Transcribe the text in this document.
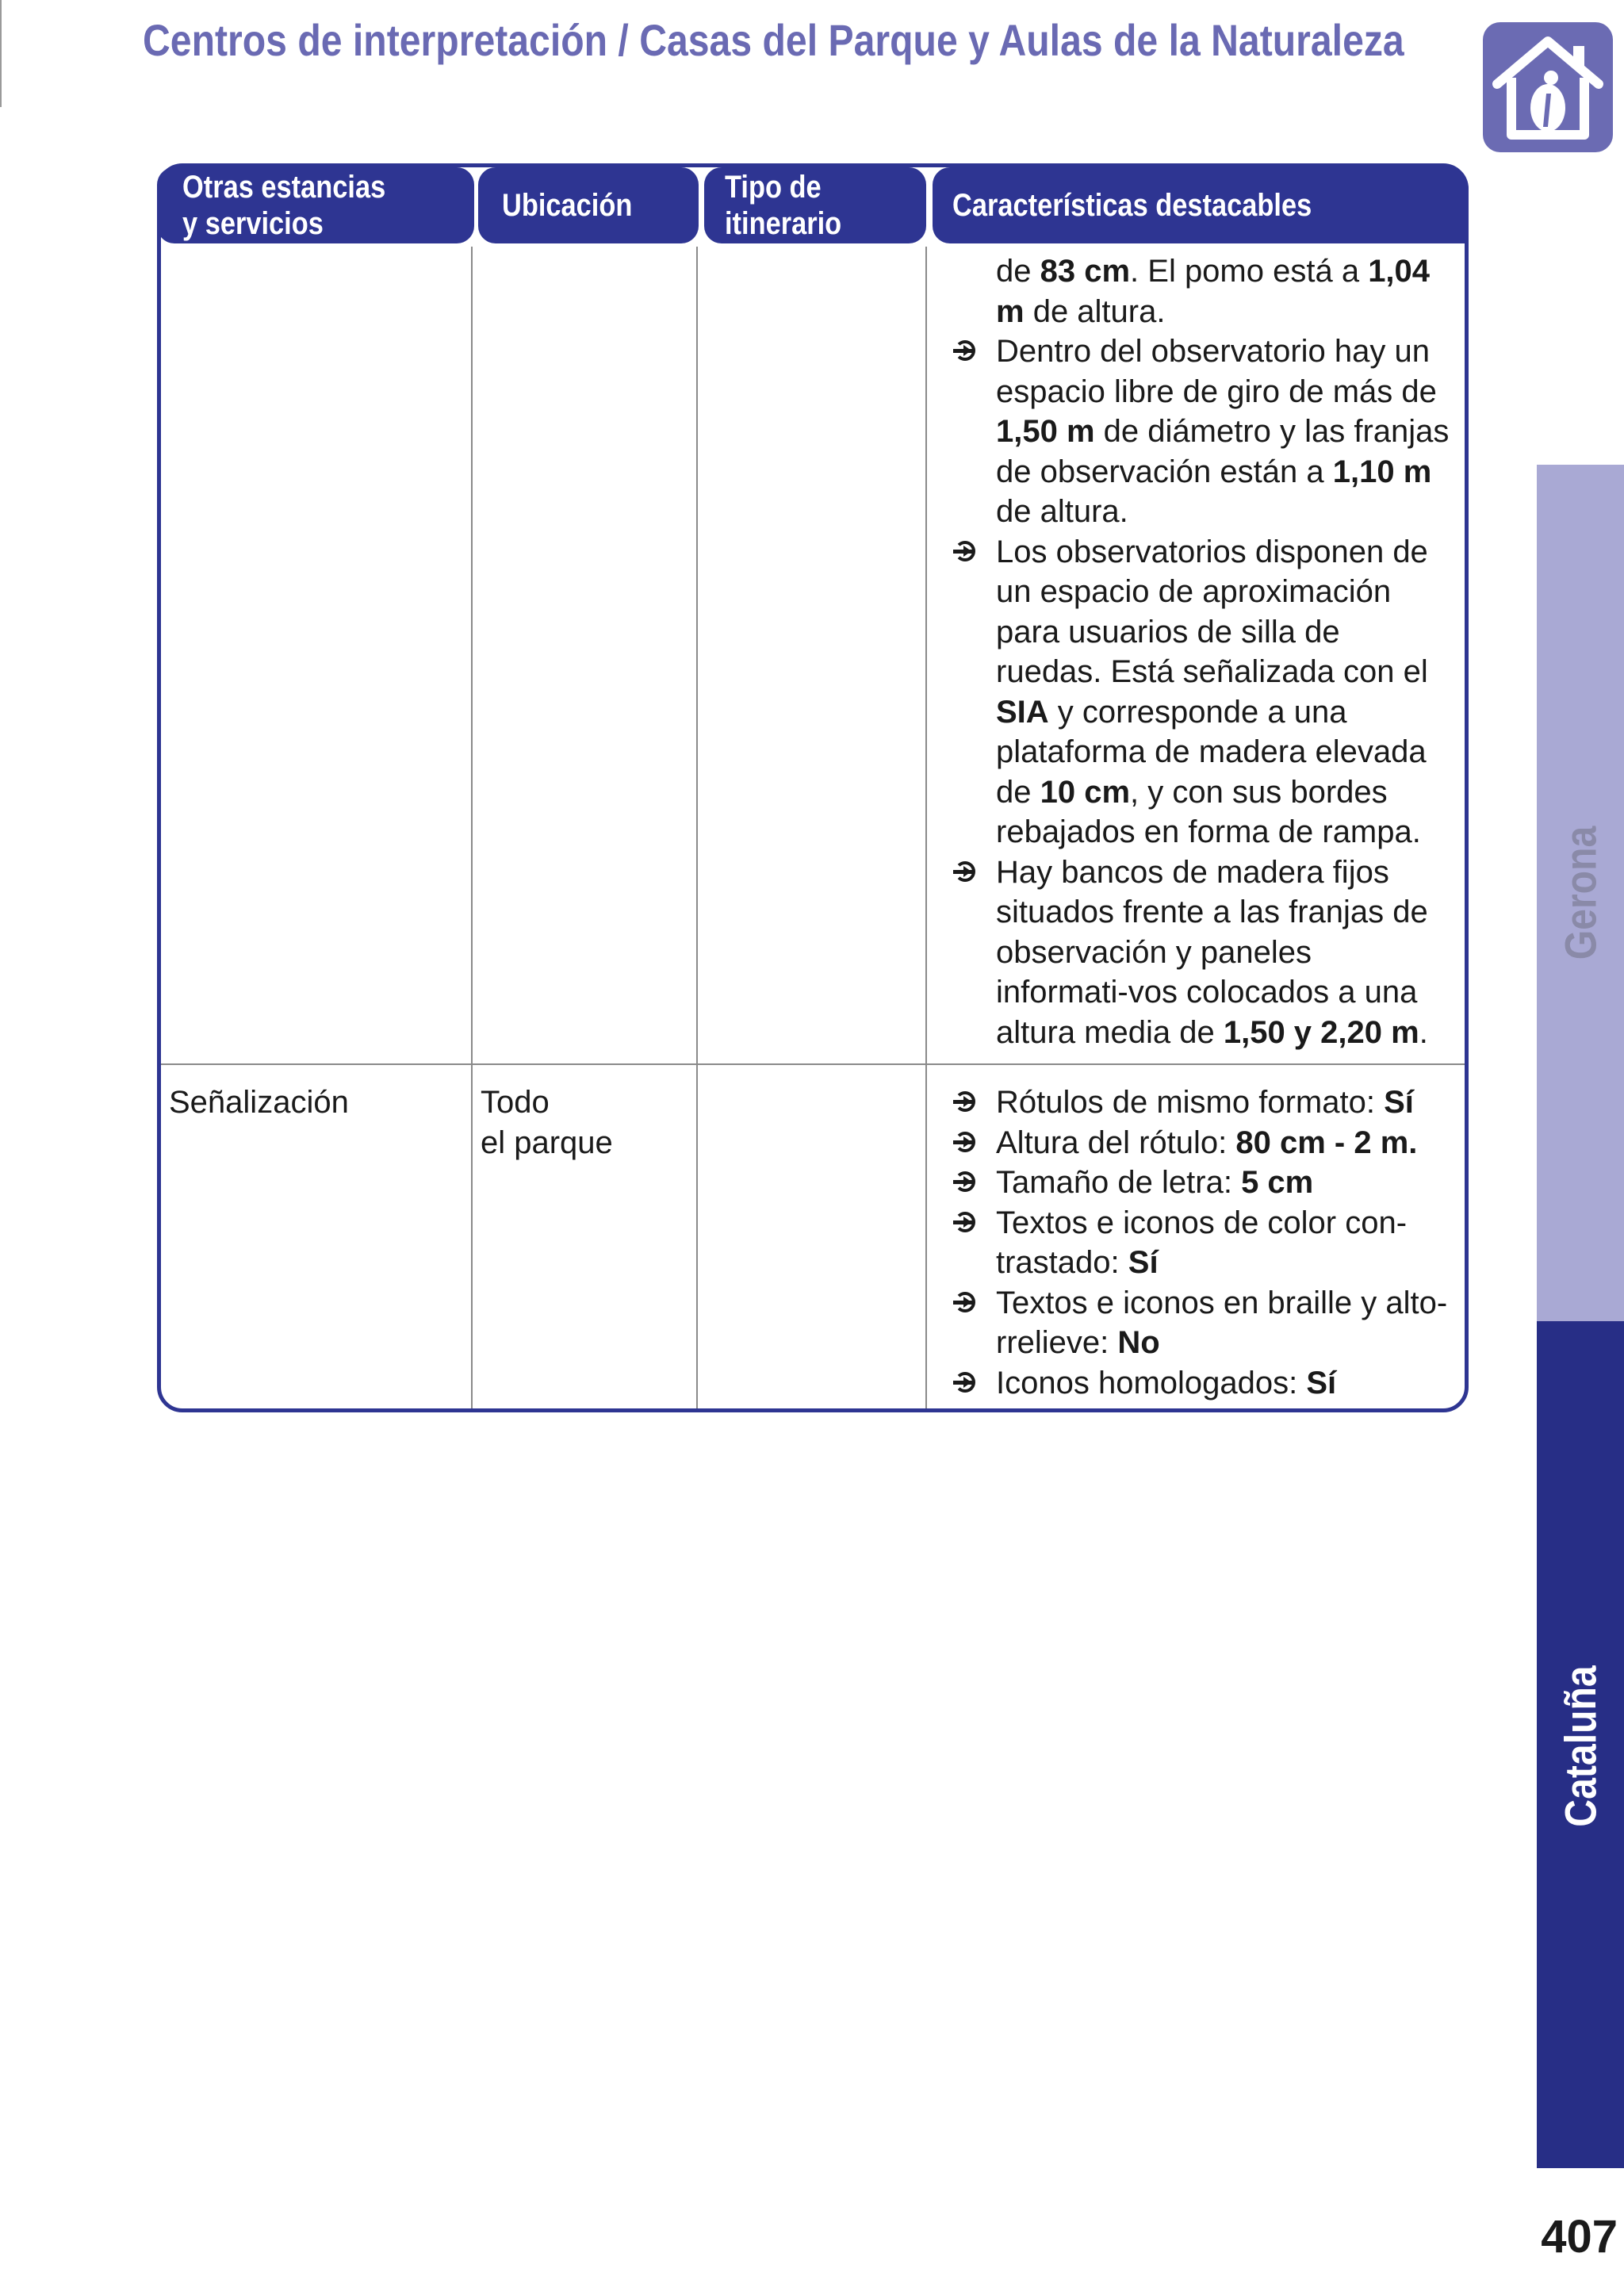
Centros de interpretación / Casas del Parque y Aulas de la Naturaleza
Otras estancias
y servicios
Ubicación
Tipo de
itinerario
Características destacables
de 83 cm. El pomo está a 1,04 m de altura.
Dentro del observatorio hay un espacio libre de giro de más de 1,50 m de diámetro y las franjas de observación están a 1,10 m de altura.
Los observatorios disponen de un espacio de aproximación para usuarios de silla de ruedas. Está señalizada con el SIA y corresponde a una plataforma de madera elevada de 10 cm, y con sus bordes rebajados en forma de rampa.
Hay bancos de madera fijos situados frente a las franjas de observación y paneles informati-vos colocados a una altura media de 1,50 y 2,20 m.
Señalización	Todo
el parque
Rótulos de mismo formato: Sí
Altura del rótulo: 80 cm - 2 m.
Tamaño de letra: 5 cm
Textos e iconos de color con-trastado: Sí
Textos e iconos en braille y alto-rrelieve: No
Iconos homologados: Sí
Gerona
Cataluña
407
